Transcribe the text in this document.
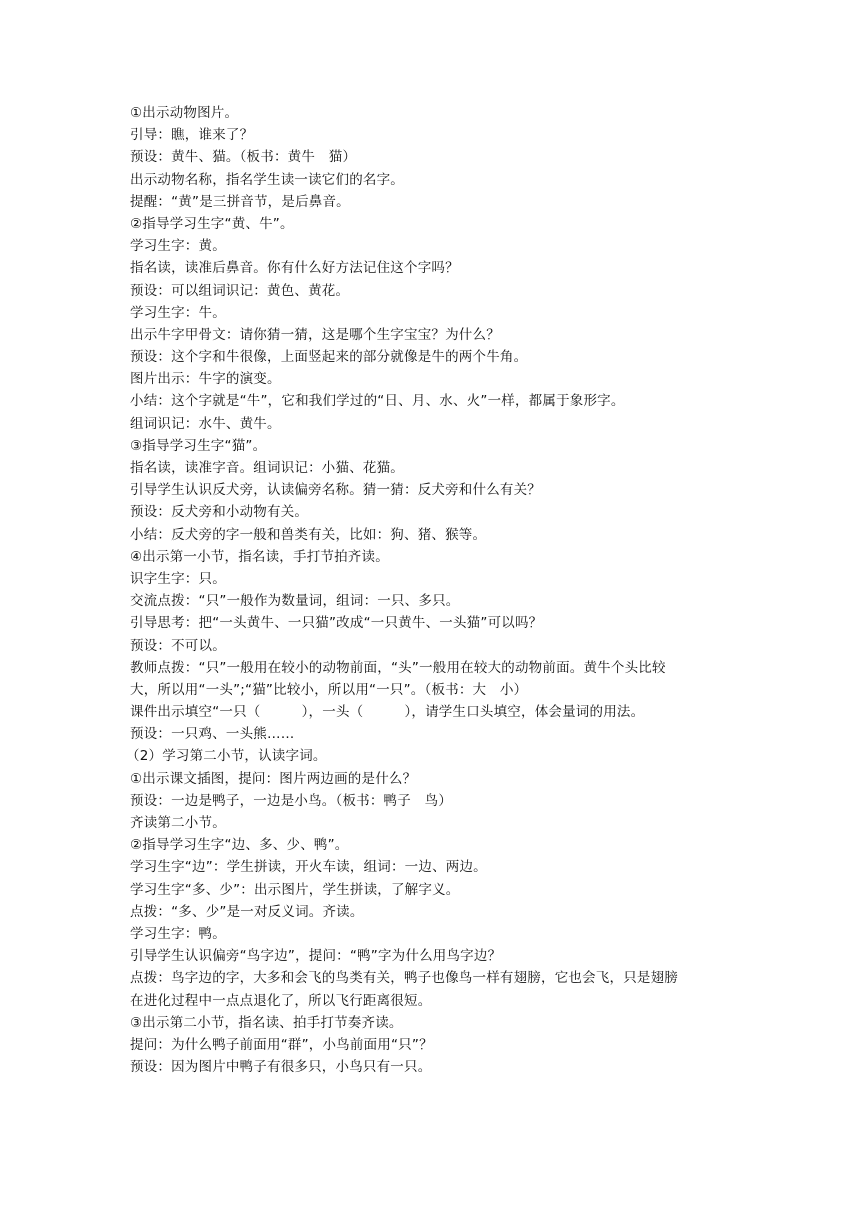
①出示动物图片。
引导：瞧，谁来了？
预设：黄牛、猫。（板书：黄牛　猫）
出示动物名称，指名学生读一读它们的名字。
提醒：“黄”是三拼音节，是后鼻音。
②指导学习生字“黄、牛”。
学习生字：黄。
指名读，读准后鼻音。你有什么好方法记住这个字吗？
预设：可以组词识记：黄色、黄花。
学习生字：牛。
出示牛字甲骨文：请你猜一猜，这是哪个生字宝宝？为什么？
预设：这个字和牛很像，上面竖起来的部分就像是牛的两个牛角。
图片出示：牛字的演变。
小结：这个字就是“牛”，它和我们学过的“日、月、水、火”一样，都属于象形字。
组词识记：水牛、黄牛。
③指导学习生字“猫”。
指名读，读准字音。组词识记：小猫、花猫。
引导学生认识反犬旁，认读偏旁名称。猜一猜：反犬旁和什么有关？
预设：反犬旁和小动物有关。
小结：反犬旁的字一般和兽类有关，比如：狗、猪、猴等。
④出示第一小节，指名读，手打节拍齐读。
识字生字：只。
交流点拨：“只”一般作为数量词，组词：一只、多只。
引导思考：把“一头黄牛、一只猫”改成“一只黄牛、一头猫”可以吗？
预设：不可以。
教师点拨：“只”一般用在较小的动物前面，“头”一般用在较大的动物前面。黄牛个头比较
大，所以用“一头”;“猫”比较小，所以用“一只”。（板书：大　小）
课件出示填空“一只（　　　），一头（　　　），请学生口头填空，体会量词的用法。
预设：一只鸡、一头熊……
（2）学习第二小节，认读字词。
①出示课文插图，提问：图片两边画的是什么？
预设：一边是鸭子，一边是小鸟。（板书：鸭子　鸟）
齐读第二小节。
②指导学习生字“边、多、少、鸭”。
学习生字“边”：学生拼读，开火车读，组词：一边、两边。
学习生字“多、少”：出示图片，学生拼读，了解字义。
点拨：“多、少”是一对反义词。齐读。
学习生字：鸭。
引导学生认识偏旁“鸟字边”，提问：“鸭”字为什么用鸟字边？
点拨：鸟字边的字，大多和会飞的鸟类有关，鸭子也像鸟一样有翅膀，它也会飞，只是翅膀
在进化过程中一点点退化了，所以飞行距离很短。
③出示第二小节，指名读、拍手打节奏齐读。
提问：为什么鸭子前面用“群”，小鸟前面用“只”？
预设：因为图片中鸭子有很多只，小鸟只有一只。
